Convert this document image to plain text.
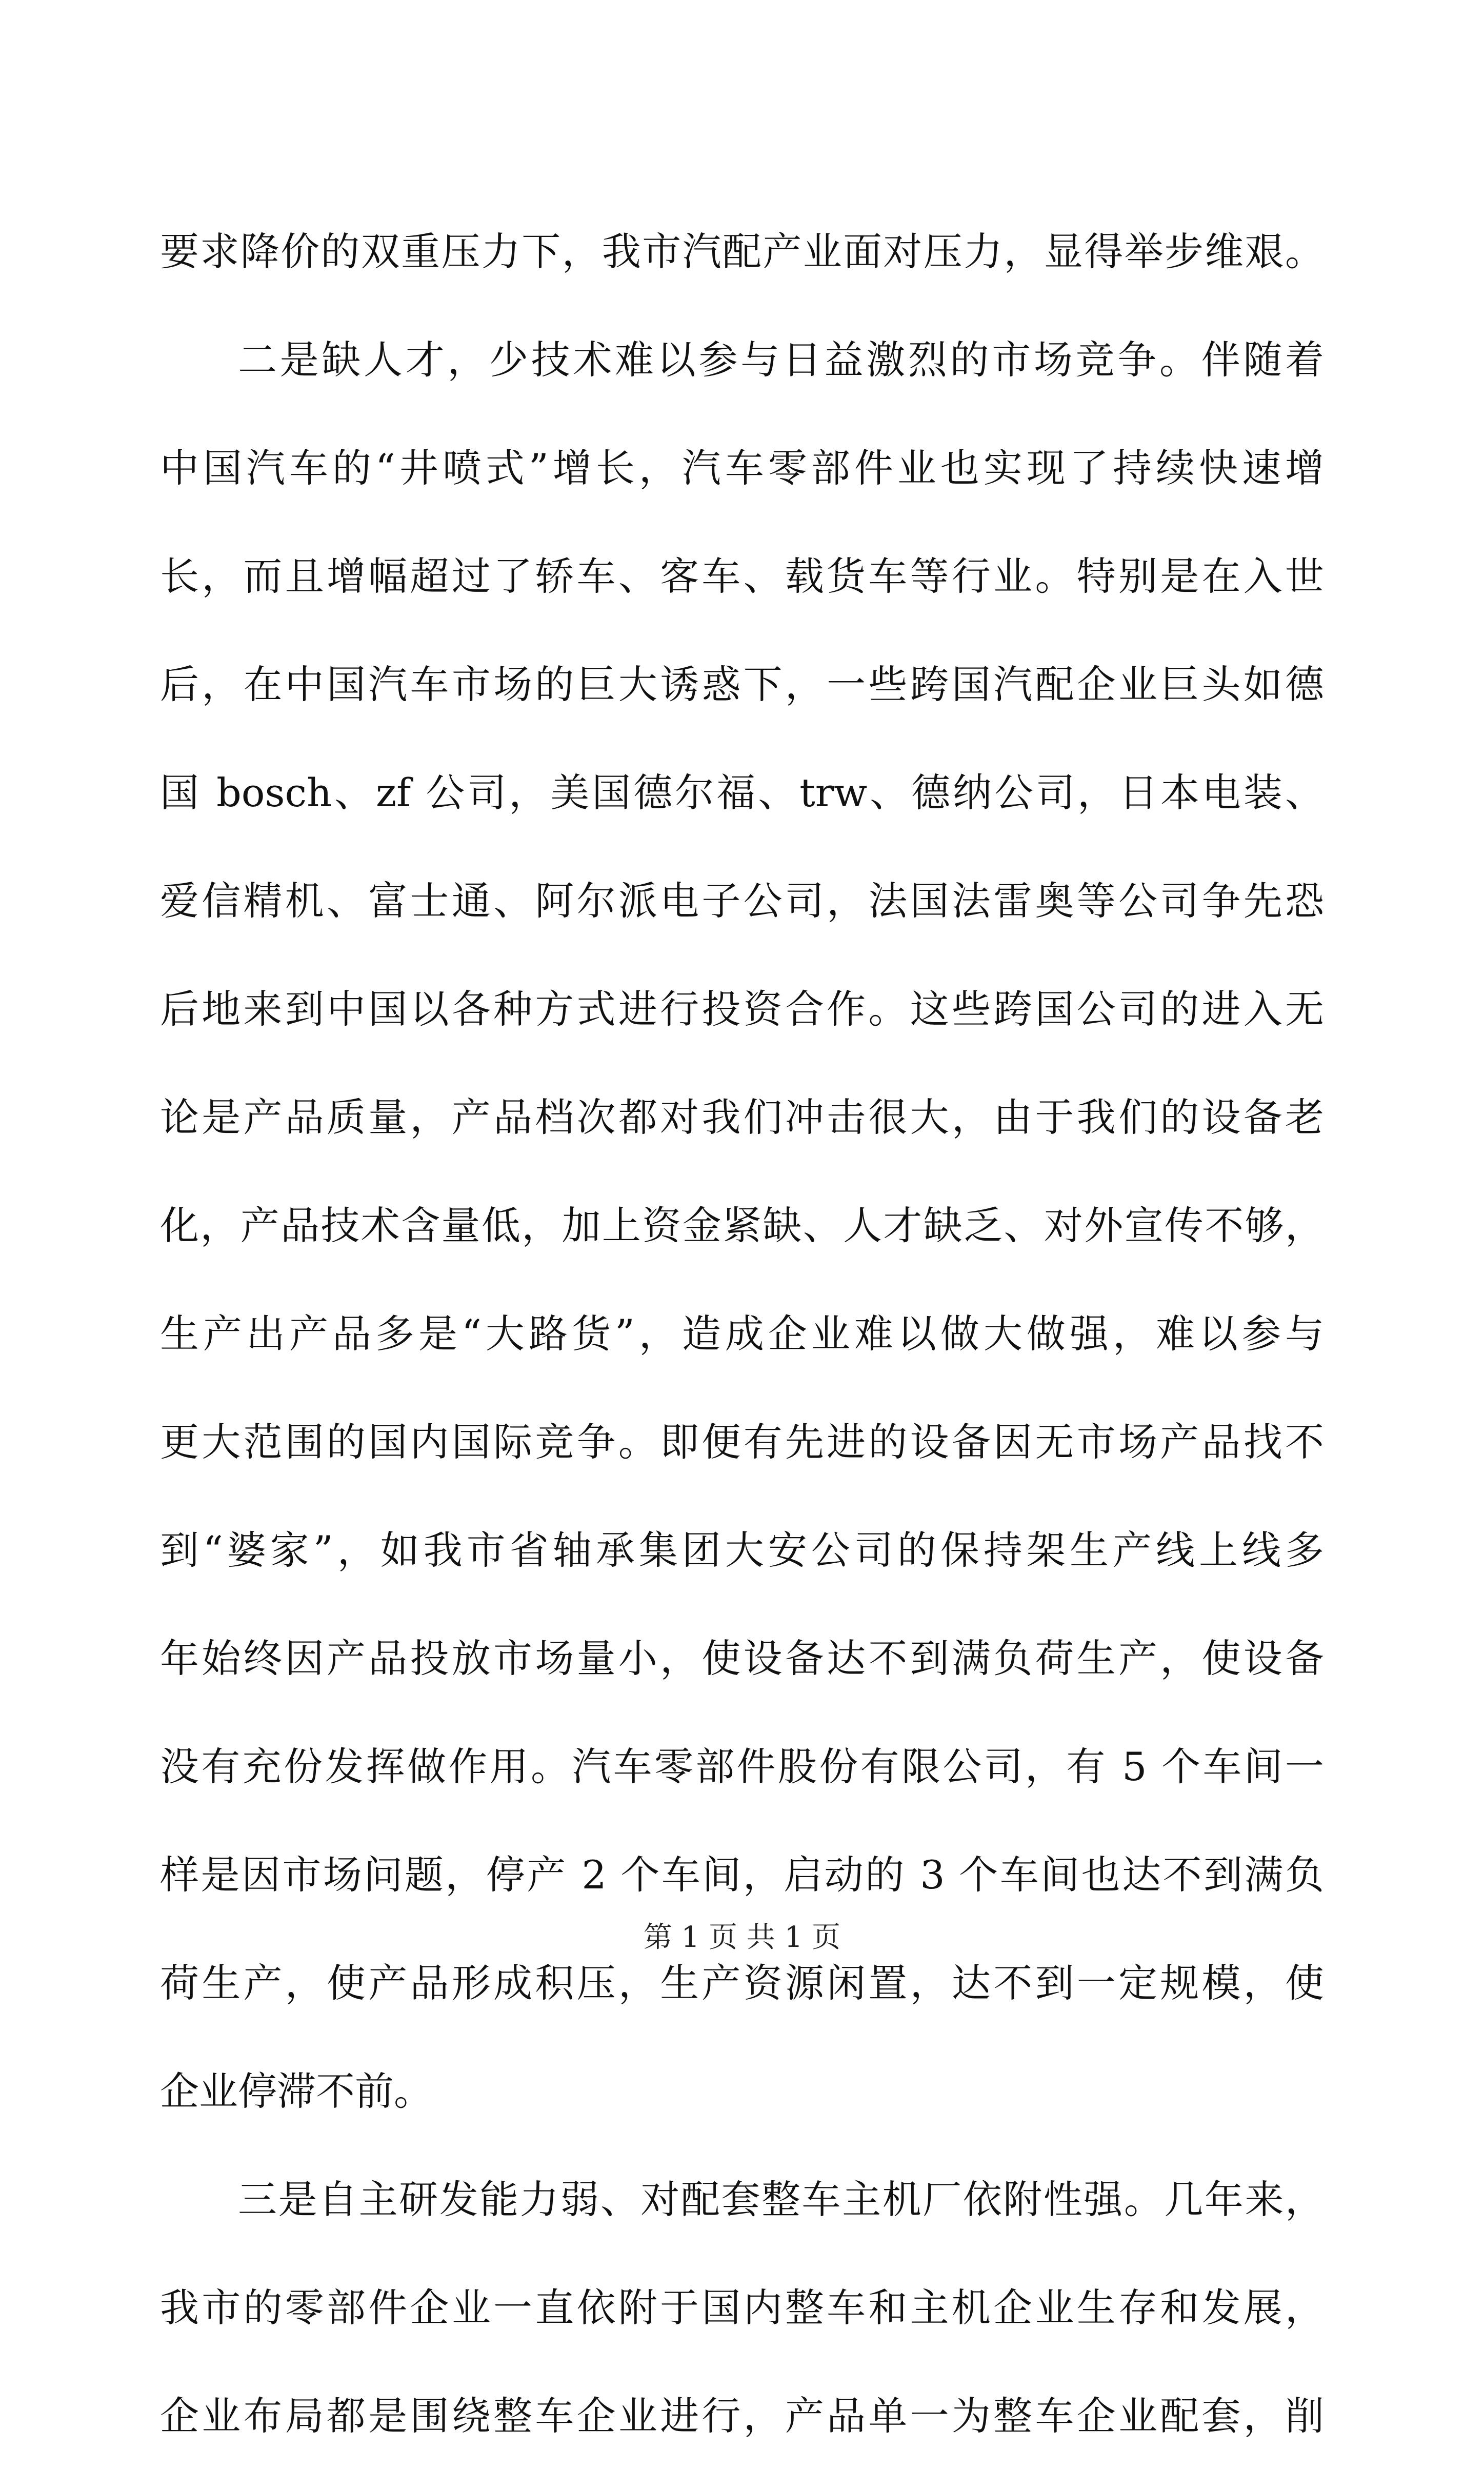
要求降价的双重压力下，我市汽配产业面对压力，显得举步维艰。
二是缺人才，少技术难以参与日益激烈的市场竞争。伴随着
中国汽车的“井喷式”增长，汽车零部件业也实现了持续快速增
长，而且增幅超过了轿车、客车、载货车等行业。特别是在入世
后，在中国汽车市场的巨大诱惑下，一些跨国汽配企业巨头如德
国 bosch、zf 公司，美国德尔福、trw、德纳公司，日本电装、
爱信精机、富士通、阿尔派电子公司，法国法雷奥等公司争先恐
后地来到中国以各种方式进行投资合作。这些跨国公司的进入无
论是产品质量，产品档次都对我们冲击很大，由于我们的设备老
化，产品技术含量低，加上资金紧缺、人才缺乏、对外宣传不够，
生产出产品多是“大路货”，造成企业难以做大做强，难以参与
更大范围的国内国际竞争。即便有先进的设备因无市场产品找不
到“婆家”，如我市省轴承集团大安公司的保持架生产线上线多
年始终因产品投放市场量小，使设备达不到满负荷生产，使设备
没有充份发挥做作用。汽车零部件股份有限公司，有 5 个车间一
样是因市场问题，停产 2 个车间，启动的 3 个车间也达不到满负
荷生产，使产品形成积压，生产资源闲置，达不到一定规模，使
企业停滞不前。
三是自主研发能力弱、对配套整车主机厂依附性强。几年来，
我市的零部件企业一直依附于国内整车和主机企业生存和发展，
企业布局都是围绕整车企业进行，产品单一为整车企业配套，削
第 1 页 共 1 页
